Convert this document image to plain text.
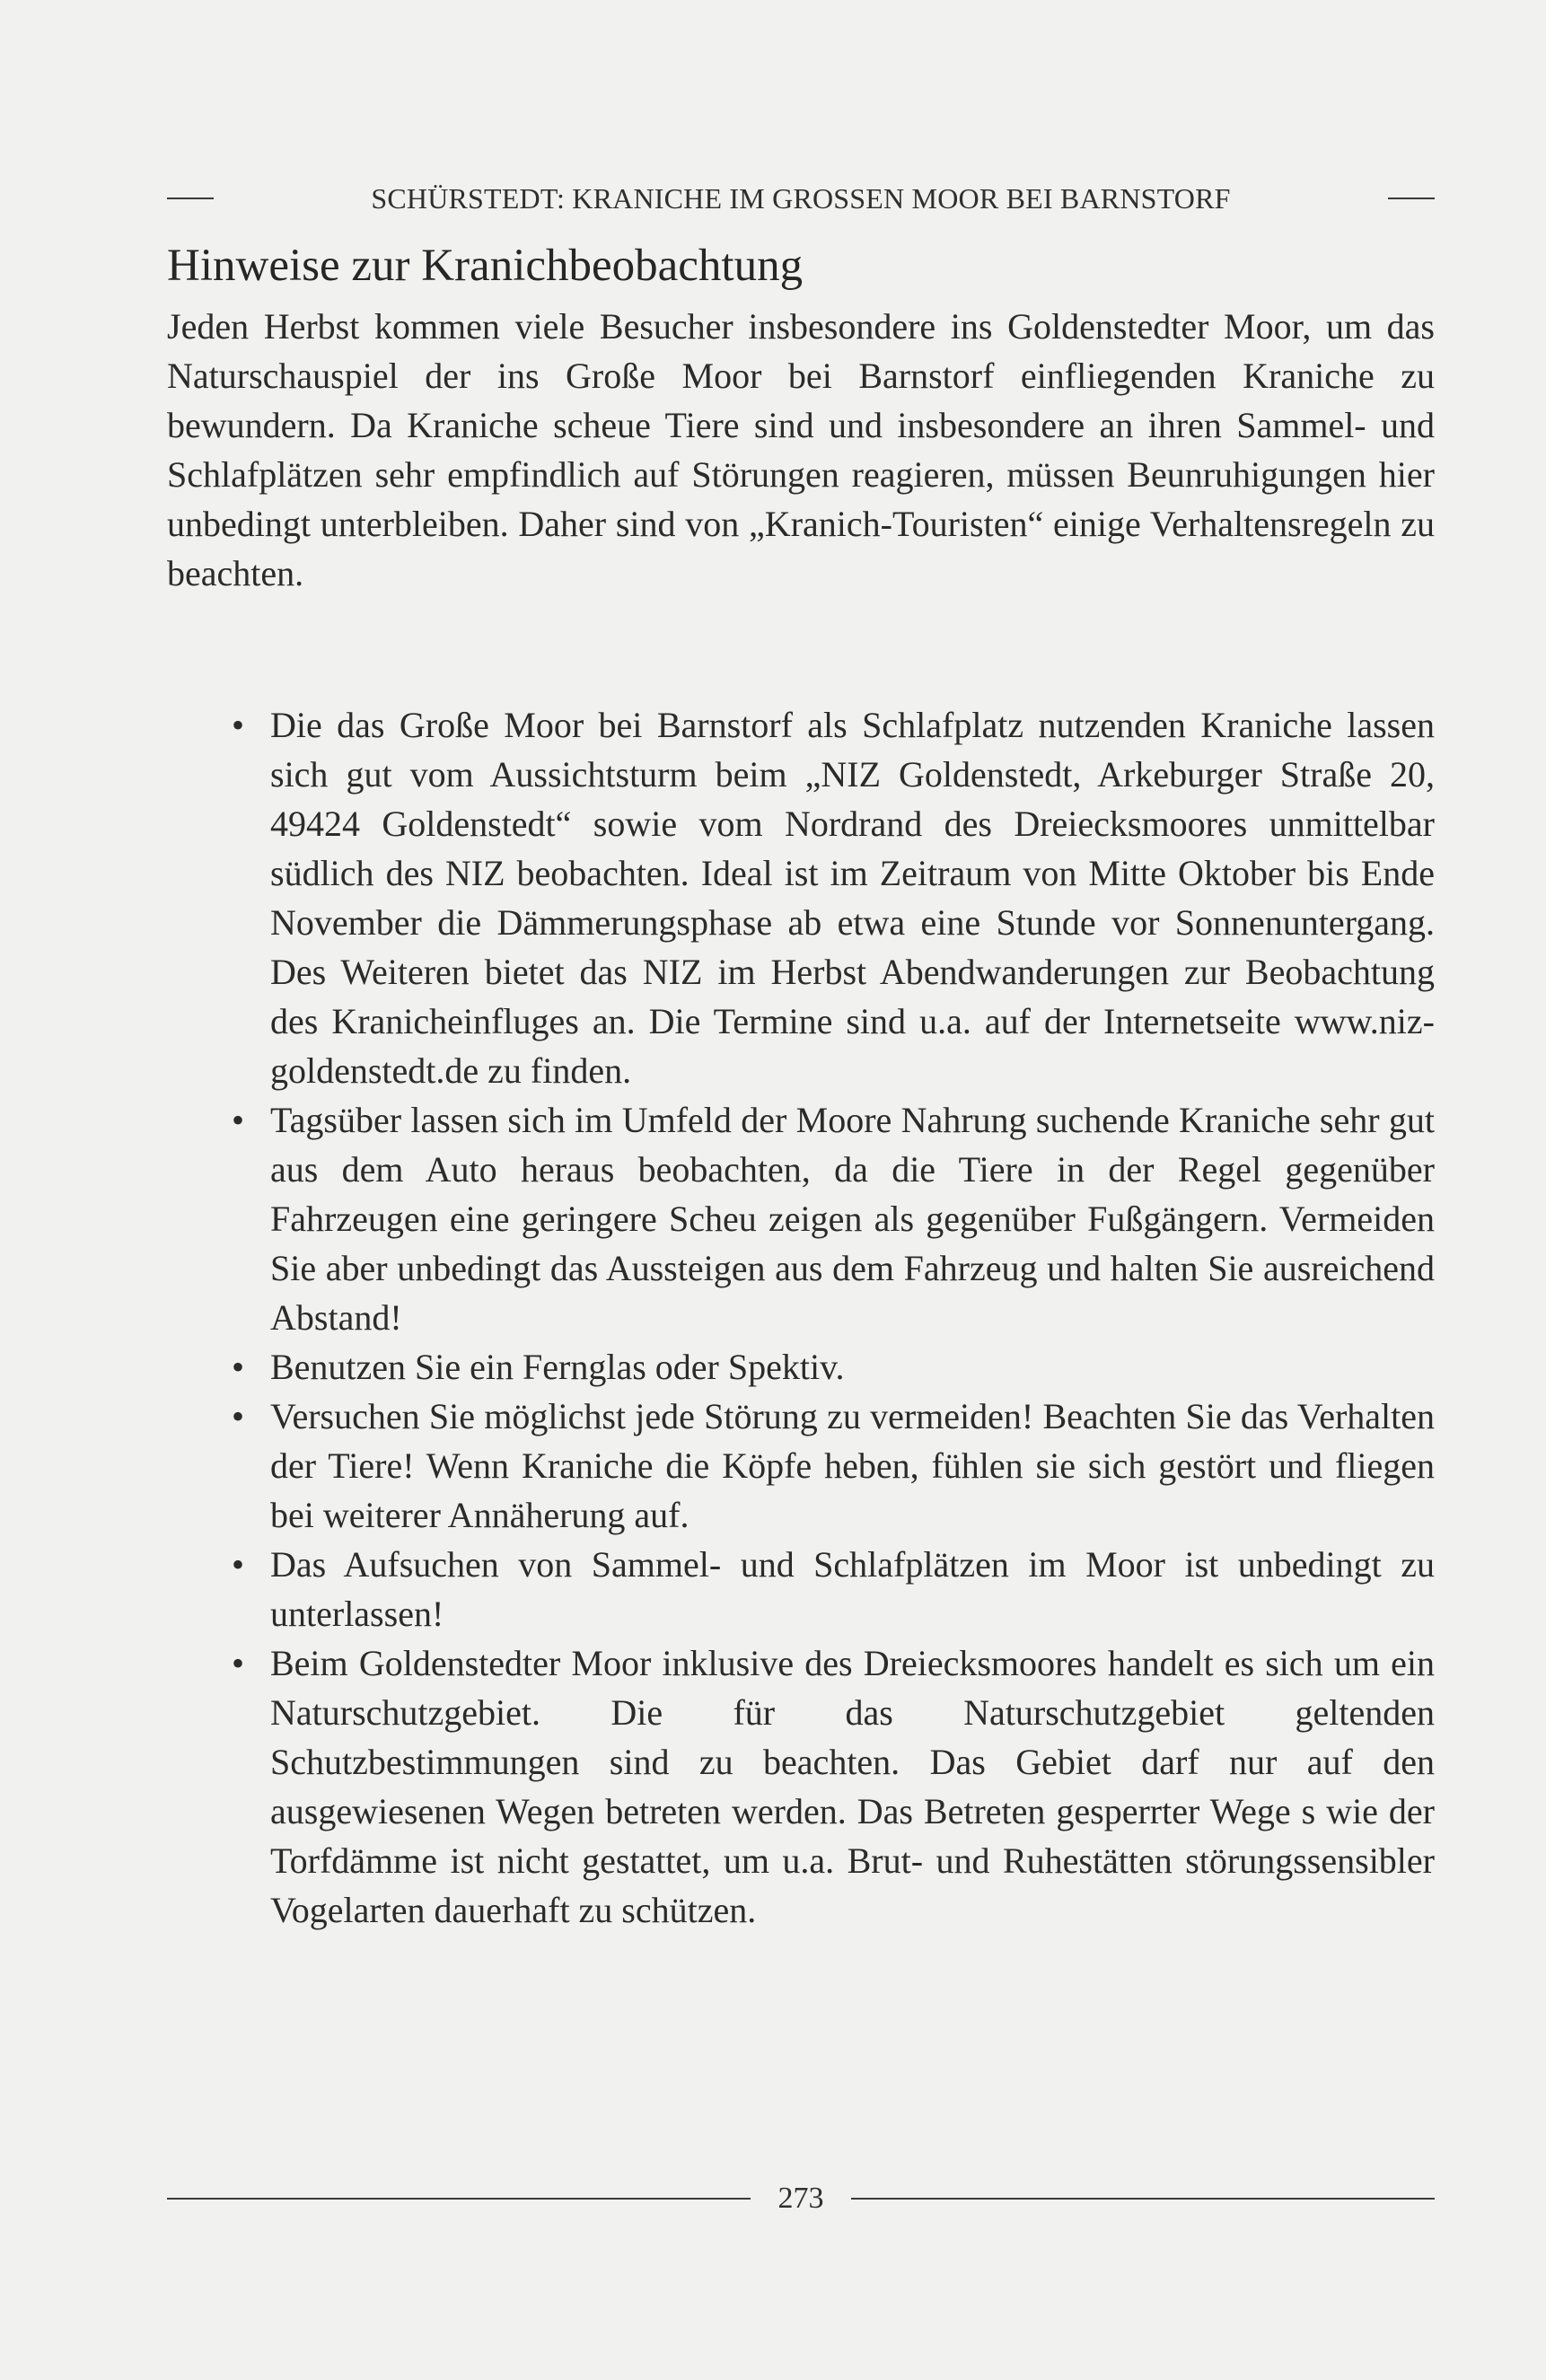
SCHÜRSTEDT: KRANICHE IM GROSSEN MOOR BEI BARNSTORF
Hinweise zur Kranichbeobachtung

Jeden Herbst kommen viele Besucher insbesondere ins Goldenstedter Moor, um das Naturschauspiel der ins Große Moor bei Barnstorf einfliegenden Kraniche zu bewundern. Da Kraniche scheue Tiere sind und insbesondere an ihren Sammel- und Schlafplätzen sehr empfindlich auf Störungen reagieren, müssen Beunruhigungen hier unbedingt unterbleiben. Daher sind von „Kranich-Touristen“ einige Verhaltensregeln zu beachten.

• Die das Große Moor bei Barnstorf als Schlafplatz nutzenden Kraniche lassen sich gut vom Aussichtsturm beim „NIZ Goldenstedt, Arkeburger Straße 20, 49424 Goldenstedt“ sowie vom Nordrand des Dreiecksmoores unmittelbar südlich des NIZ beobachten. Ideal ist im Zeitraum von Mitte Oktober bis Ende November die Dämmerungsphase ab etwa eine Stunde vor Sonnenuntergang. Des Weiteren bietet das NIZ im Herbst Abendwanderungen zur Beobachtung des Kranicheinfluges an. Die Termine sind u.a. auf der Internetseite www.niz-goldenstedt.de zu finden.
• Tagsüber lassen sich im Umfeld der Moore Nahrung suchende Kraniche sehr gut aus dem Auto heraus beobachten, da die Tiere in der Regel gegenüber Fahrzeugen eine geringere Scheu zeigen als gegenüber Fußgängern. Vermeiden Sie aber unbedingt das Aussteigen aus dem Fahrzeug und halten Sie ausreichend Abstand!
• Benutzen Sie ein Fernglas oder Spektiv.
• Versuchen Sie möglichst jede Störung zu vermeiden! Beachten Sie das Verhalten der Tiere! Wenn Kraniche die Köpfe heben, fühlen sie sich gestört und fliegen bei weiterer Annäherung auf.
• Das Aufsuchen von Sammel- und Schlafplätzen im Moor ist unbedingt zu unterlassen!
• Beim Goldenstedter Moor inklusive des Dreiecksmoores handelt es sich um ein Naturschutzgebiet. Die für das Naturschutzgebiet geltenden Schutzbestimmungen sind zu beachten. Das Gebiet darf nur auf den ausgewiesenen Wegen betreten werden. Das Betreten gesperrter Wege s wie der Torfdämme ist nicht gestattet, um u.a. Brut- und Ruhestätten störungssensibler Vogelarten dauerhaft zu schützen.
273
